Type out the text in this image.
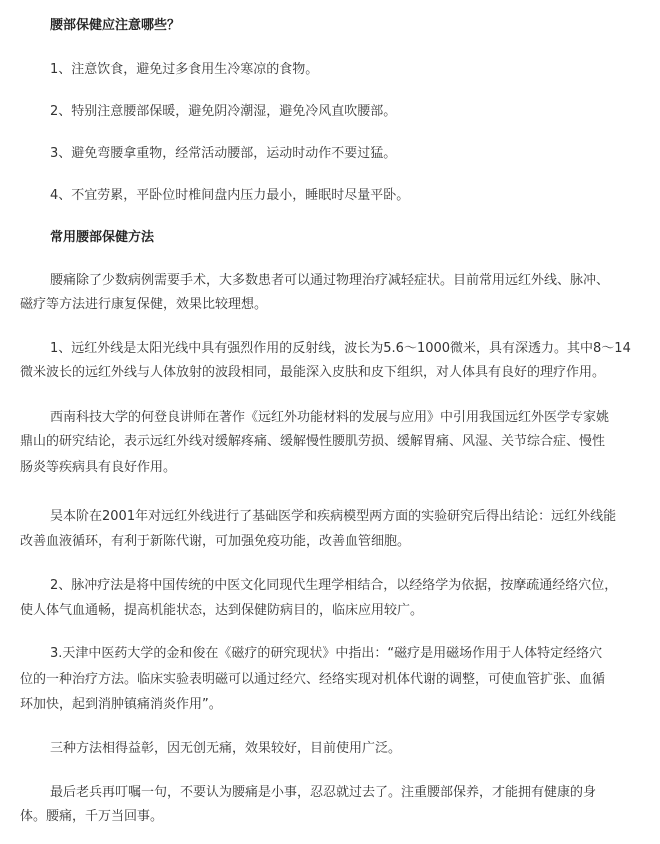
腰部保健应注意哪些？
1、注意饮食，避免过多食用生冷寒凉的食物。
2、特别注意腰部保暖，避免阴冷潮湿，避免冷风直吹腰部。
3、避免弯腰拿重物，经常活动腰部，运动时动作不要过猛。
4、不宜劳累，平卧位时椎间盘内压力最小，睡眠时尽量平卧。
常用腰部保健方法
腰痛除了少数病例需要手术，大多数患者可以通过物理治疗减轻症状。目前常用远红外线、脉冲、
磁疗等方法进行康复保健，效果比较理想。
1、远红外线是太阳光线中具有强烈作用的反射线，波长为5.6～1000微米，具有深透力。其中8～14
微米波长的远红外线与人体放射的波段相同，最能深入皮肤和皮下组织，对人体具有良好的理疗作用。
西南科技大学的何登良讲师在著作《远红外功能材料的发展与应用》中引用我国远红外医学专家姚
鼎山的研究结论，表示远红外线对缓解疼痛、缓解慢性腰肌劳损、缓解胃痛、风湿、关节综合症、慢性
肠炎等疾病具有良好作用。
吴本阶在2001年对远红外线进行了基础医学和疾病模型两方面的实验研究后得出结论：远红外线能
改善血液循环，有利于新陈代谢，可加强免疫功能，改善血管细胞。
2、脉冲疗法是将中国传统的中医文化同现代生理学相结合，以经络学为依据，按摩疏通经络穴位，
使人体气血通畅，提高机能状态，达到保健防病目的，临床应用较广。
3.天津中医药大学的金和俊在《磁疗的研究现状》中指出：“磁疗是用磁场作用于人体特定经络穴
位的一种治疗方法。临床实验表明磁可以通过经穴、经络实现对机体代谢的调整，可使血管扩张、血循
环加快，起到消肿镇痛消炎作用”。
三种方法相得益彰，因无创无痛，效果较好，目前使用广泛。
最后老兵再叮嘱一句，不要认为腰痛是小事，忍忍就过去了。注重腰部保养，才能拥有健康的身
体。腰痛，千万当回事。
